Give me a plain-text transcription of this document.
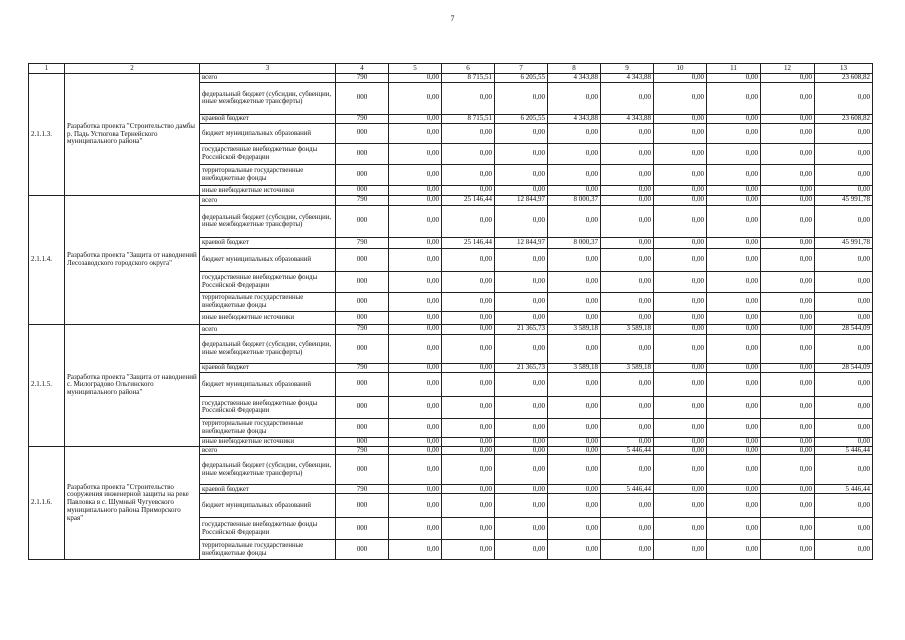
7
1	2	3	4	5	6	7	8	9	10	11	12	13
2.1.1.3.	Разработка проекта "Строительство дамбы р. Падь Устюгова Тернейского муниципального района"	всего	790	0,00	8 715,51	6 205,55	4 343,88	4 343,88	0,00	0,00	0,00	23 608,82
		федеральный бюджет (субсидии, субвенции, иные межбюджетные трансферты)	000	0,00	0,00	0,00	0,00	0,00	0,00	0,00	0,00	0,00
		краевой бюджет	790	0,00	8 715,51	6 205,55	4 343,88	4 343,88	0,00	0,00	0,00	23 608,82
		бюджет муниципальных образований	000	0,00	0,00	0,00	0,00	0,00	0,00	0,00	0,00	0,00
		государственные внебюджетные фонды Российской Федерации	000	0,00	0,00	0,00	0,00	0,00	0,00	0,00	0,00	0,00
		территориальные государственные внебюджетные фонды	000	0,00	0,00	0,00	0,00	0,00	0,00	0,00	0,00	0,00
		иные внебюджетные источники	000	0,00	0,00	0,00	0,00	0,00	0,00	0,00	0,00	0,00
2.1.1.4.	Разработка проекта "Защита от наводнений Лесозаводского городского округа"	всего	790	0,00	25 146,44	12 844,97	8 000,37	0,00	0,00	0,00	0,00	45 991,78
		федеральный бюджет (субсидии, субвенции, иные межбюджетные трансферты)	000	0,00	0,00	0,00	0,00	0,00	0,00	0,00	0,00	0,00
		краевой бюджет	790	0,00	25 146,44	12 844,97	8 000,37	0,00	0,00	0,00	0,00	45 991,78
		бюджет муниципальных образований	000	0,00	0,00	0,00	0,00	0,00	0,00	0,00	0,00	0,00
		государственные внебюджетные фонды Российской Федерации	000	0,00	0,00	0,00	0,00	0,00	0,00	0,00	0,00	0,00
		территориальные государственные внебюджетные фонды	000	0,00	0,00	0,00	0,00	0,00	0,00	0,00	0,00	0,00
		иные внебюджетные источники	000	0,00	0,00	0,00	0,00	0,00	0,00	0,00	0,00	0,00
2.1.1.5.	Разработка проекта "Защита от наводнений с. Милоградово Ольгинского муниципального района"	всего	790	0,00	0,00	21 365,73	3 589,18	3 589,18	0,00	0,00	0,00	28 544,09
		федеральный бюджет (субсидии, субвенции, иные межбюджетные трансферты)	000	0,00	0,00	0,00	0,00	0,00	0,00	0,00	0,00	0,00
		краевой бюджет	790	0,00	0,00	21 365,73	3 589,18	3 589,18	0,00	0,00	0,00	28 544,09
		бюджет муниципальных образований	000	0,00	0,00	0,00	0,00	0,00	0,00	0,00	0,00	0,00
		государственные внебюджетные фонды Российской Федерации	000	0,00	0,00	0,00	0,00	0,00	0,00	0,00	0,00	0,00
		территориальные государственные внебюджетные фонды	000	0,00	0,00	0,00	0,00	0,00	0,00	0,00	0,00	0,00
		иные внебюджетные источники	000	0,00	0,00	0,00	0,00	0,00	0,00	0,00	0,00	0,00
2.1.1.6.	Разработка проекта "Строительство сооружения инженерной защиты на реке Павловка в с. Шумный Чугуевского муниципального района Приморского края"	всего	790	0,00	0,00	0,00	0,00	5 446,44	0,00	0,00	0,00	5 446,44
		федеральный бюджет (субсидии, субвенции, иные межбюджетные трансферты)	000	0,00	0,00	0,00	0,00	0,00	0,00	0,00	0,00	0,00
		краевой бюджет	790	0,00	0,00	0,00	0,00	5 446,44	0,00	0,00	0,00	5 446,44
		бюджет муниципальных образований	000	0,00	0,00	0,00	0,00	0,00	0,00	0,00	0,00	0,00
		государственные внебюджетные фонды Российской Федерации	000	0,00	0,00	0,00	0,00	0,00	0,00	0,00	0,00	0,00
		территориальные государственные внебюджетные фонды	000	0,00	0,00	0,00	0,00	0,00	0,00	0,00	0,00	0,00
